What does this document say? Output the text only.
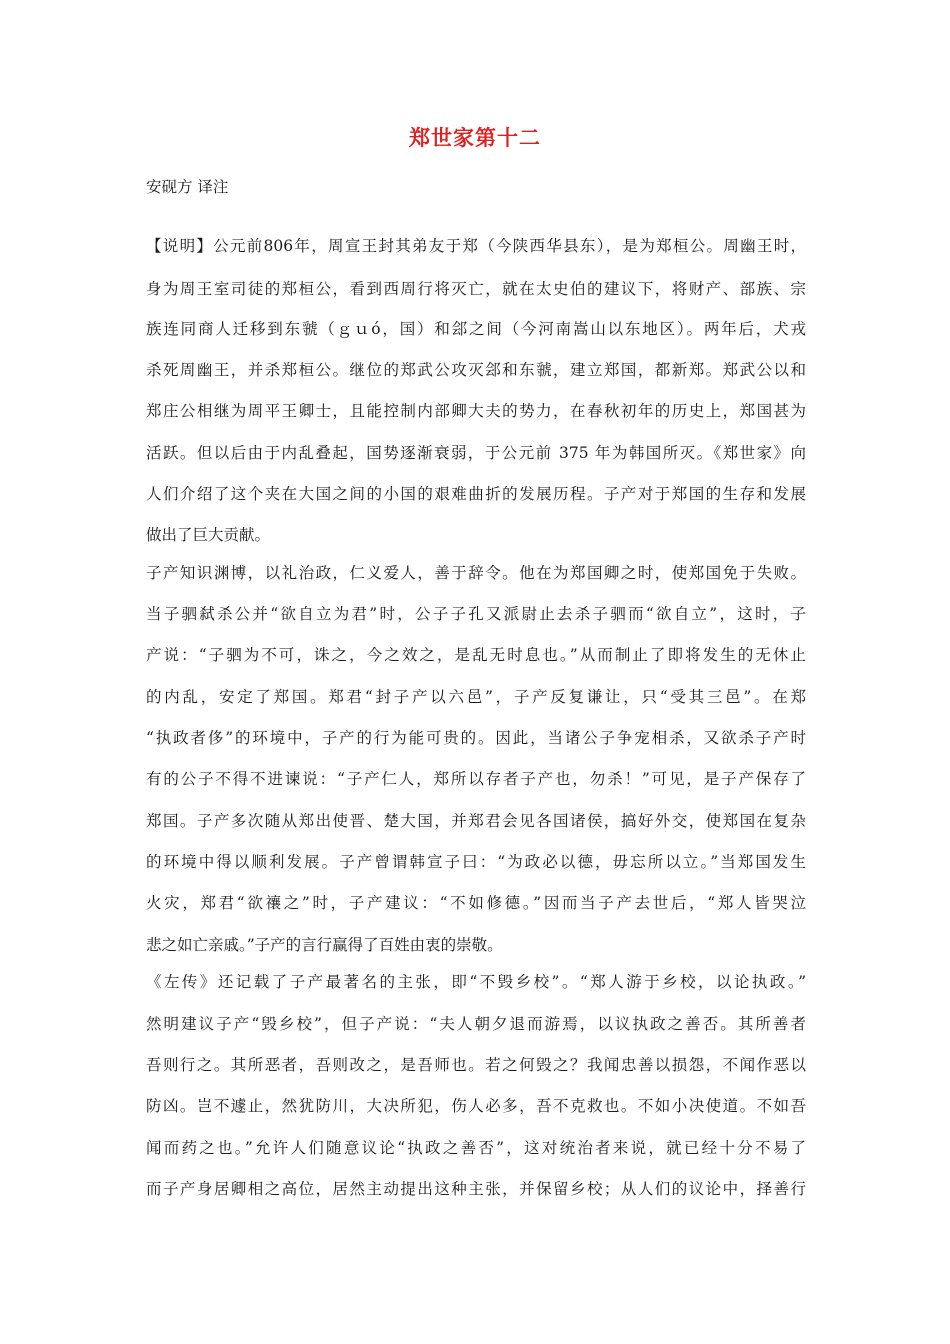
郑世家第十二
安砚方 译注
【说明】公元前806年，周宣王封其弟友于郑（今陕西华县东），是为郑桓公。周幽王时，
身为周王室司徒的郑桓公，看到西周行将灭亡，就在太史伯的建议下，将财产、部族、宗
族连同商人迁移到东虢（ｇｕó，国）和郐之间（今河南嵩山以东地区）。两年后，犬戎
杀死周幽王，并杀郑桓公。继位的郑武公攻灭郐和东虢，建立郑国，都新郑。郑武公以和
郑庄公相继为周平王卿士，且能控制内部卿大夫的势力，在春秋初年的历史上，郑国甚为
活跃。但以后由于内乱叠起，国势逐渐衰弱，于公元前 375 年为韩国所灭。《郑世家》向
人们介绍了这个夹在大国之间的小国的艰难曲折的发展历程。子产对于郑国的生存和发展
做出了巨大贡献。
子产知识渊博，以礼治政，仁义爱人，善于辞令。他在为郑国卿之时，使郑国免于失败。
当子驷弑杀公并“欲自立为君”时，公子子孔又派尉止去杀子驷而“欲自立”，这时，子
产说：“子驷为不可，诛之，今之效之，是乱无时息也。”从而制止了即将发生的无休止
的内乱，安定了郑国。郑君“封子产以六邑”，子产反复谦让，只“受其三邑”。在郑
“执政者侈”的环境中，子产的行为能可贵的。因此，当诸公子争宠相杀，又欲杀子产时
有的公子不得不进谏说：“子产仁人，郑所以存者子产也，勿杀！”可见，是子产保存了
郑国。子产多次随从郑出使晋、楚大国，并郑君会见各国诸侯，搞好外交，使郑国在复杂
的环境中得以顺利发展。子产曾谓韩宣子曰：“为政必以德，毋忘所以立。”当郑国发生
火灾，郑君“欲禳之”时，子产建议：“不如修德。”因而当子产去世后，“郑人皆哭泣
悲之如亡亲戚。”子产的言行赢得了百姓由衷的崇敬。
《左传》还记载了子产最著名的主张，即“不毁乡校”。“郑人游于乡校，以论执政。”
然明建议子产“毁乡校”，但子产说：“夫人朝夕退而游焉，以议执政之善否。其所善者
吾则行之。其所恶者，吾则改之，是吾师也。若之何毁之？我闻忠善以损怨，不闻作恶以
防凶。岂不遽止，然犹防川，大决所犯，伤人必多，吾不克救也。不如小决使道。不如吾
闻而药之也。”允许人们随意议论“执政之善否”，这对统治者来说，就已经十分不易了
而子产身居卿相之高位，居然主动提出这种主张，并保留乡校；从人们的议论中，择善行
